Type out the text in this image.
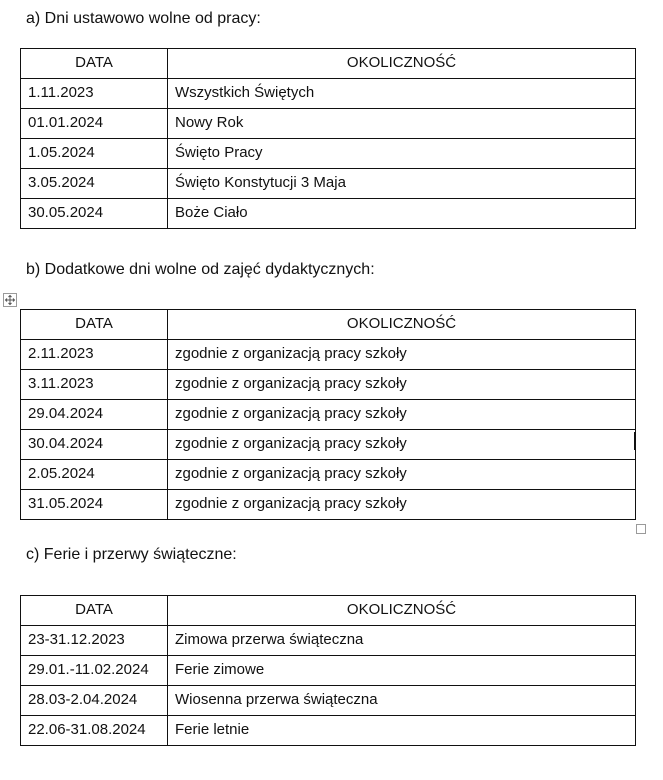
a) Dni ustawowo wolne od pracy:
DATA	OKOLICZNOŚĆ
1.11.2023	Wszystkich Świętych
01.01.2024	Nowy Rok
1.05.2024	Święto Pracy
3.05.2024	Święto Konstytucji 3 Maja
30.05.2024	Boże Ciało
b) Dodatkowe dni wolne od zajęć dydaktycznych:
DATA	OKOLICZNOŚĆ
2.11.2023	zgodnie z organizacją pracy szkoły
3.11.2023	zgodnie z organizacją pracy szkoły
29.04.2024	zgodnie z organizacją pracy szkoły
30.04.2024	zgodnie z organizacją pracy szkoły
2.05.2024	zgodnie z organizacją pracy szkoły
31.05.2024	zgodnie z organizacją pracy szkoły
c) Ferie i przerwy świąteczne:
DATA	OKOLICZNOŚĆ
23-31.12.2023	Zimowa przerwa świąteczna
29.01.-11.02.2024	Ferie zimowe
28.03-2.04.2024	Wiosenna przerwa świąteczna
22.06-31.08.2024	Ferie letnie
